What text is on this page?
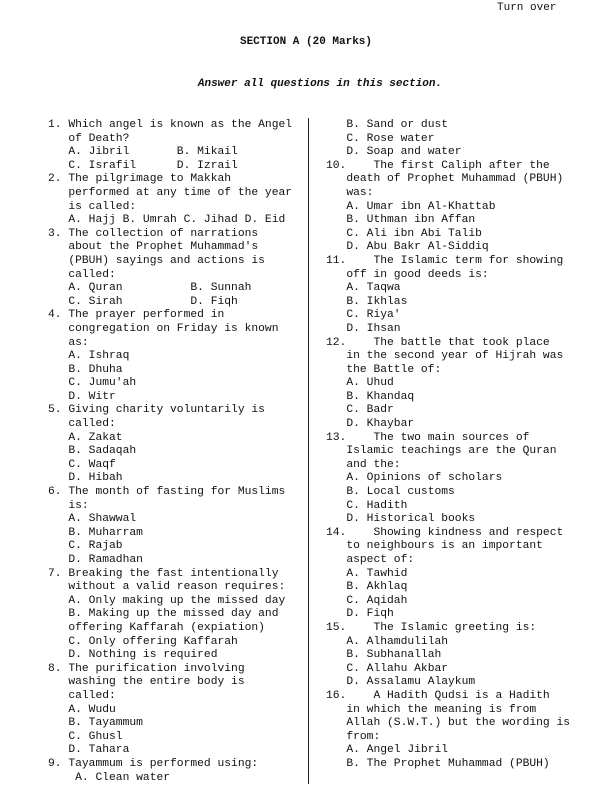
Turn over
SECTION A (20 Marks)
Answer all questions in this section.
1. Which angel is known as the Angel
of Death?
A. Jibril       B. Mikail
C. Israfil      D. Izrail
2. The pilgrimage to Makkah
performed at any time of the year
is called:
A. Hajj B. Umrah C. Jihad D. Eid
3. The collection of narrations
about the Prophet Muhammad's
(PBUH) sayings and actions is
called:
A. Quran          B. Sunnah
C. Sirah          D. Fiqh
4. The prayer performed in
congregation on Friday is known
as:
A. Ishraq
B. Dhuha
C. Jumu'ah
D. Witr
5. Giving charity voluntarily is
called:
A. Zakat
B. Sadaqah
C. Waqf
D. Hibah
6. The month of fasting for Muslims
is:
A. Shawwal
B. Muharram
C. Rajab
D. Ramadhan
7. Breaking the fast intentionally
without a valid reason requires:
A. Only making up the missed day
B. Making up the missed day and
offering Kaffarah (expiation)
C. Only offering Kaffarah
D. Nothing is required
8. The purification involving
washing the entire body is
called:
A. Wudu
B. Tayammum
C. Ghusl
D. Tahara
9. Tayammum is performed using:
A. Clean water
B. Sand or dust
C. Rose water
D. Soap and water
10.    The first Caliph after the
death of Prophet Muhammad (PBUH)
was:
A. Umar ibn Al-Khattab
B. Uthman ibn Affan
C. Ali ibn Abi Talib
D. Abu Bakr Al-Siddiq
11.    The Islamic term for showing
off in good deeds is:
A. Taqwa
B. Ikhlas
C. Riya'
D. Ihsan
12.    The battle that took place
in the second year of Hijrah was
the Battle of:
A. Uhud
B. Khandaq
C. Badr
D. Khaybar
13.    The two main sources of
Islamic teachings are the Quran
and the:
A. Opinions of scholars
B. Local customs
C. Hadith
D. Historical books
14.    Showing kindness and respect
to neighbours is an important
aspect of:
A. Tawhid
B. Akhlaq
C. Aqidah
D. Fiqh
15.    The Islamic greeting is:
A. Alhamdulilah
B. Subhanallah
C. Allahu Akbar
D. Assalamu Alaykum
16.    A Hadith Qudsi is a Hadith
in which the meaning is from
Allah (S.W.T.) but the wording is
from:
A. Angel Jibril
B. The Prophet Muhammad (PBUH)
